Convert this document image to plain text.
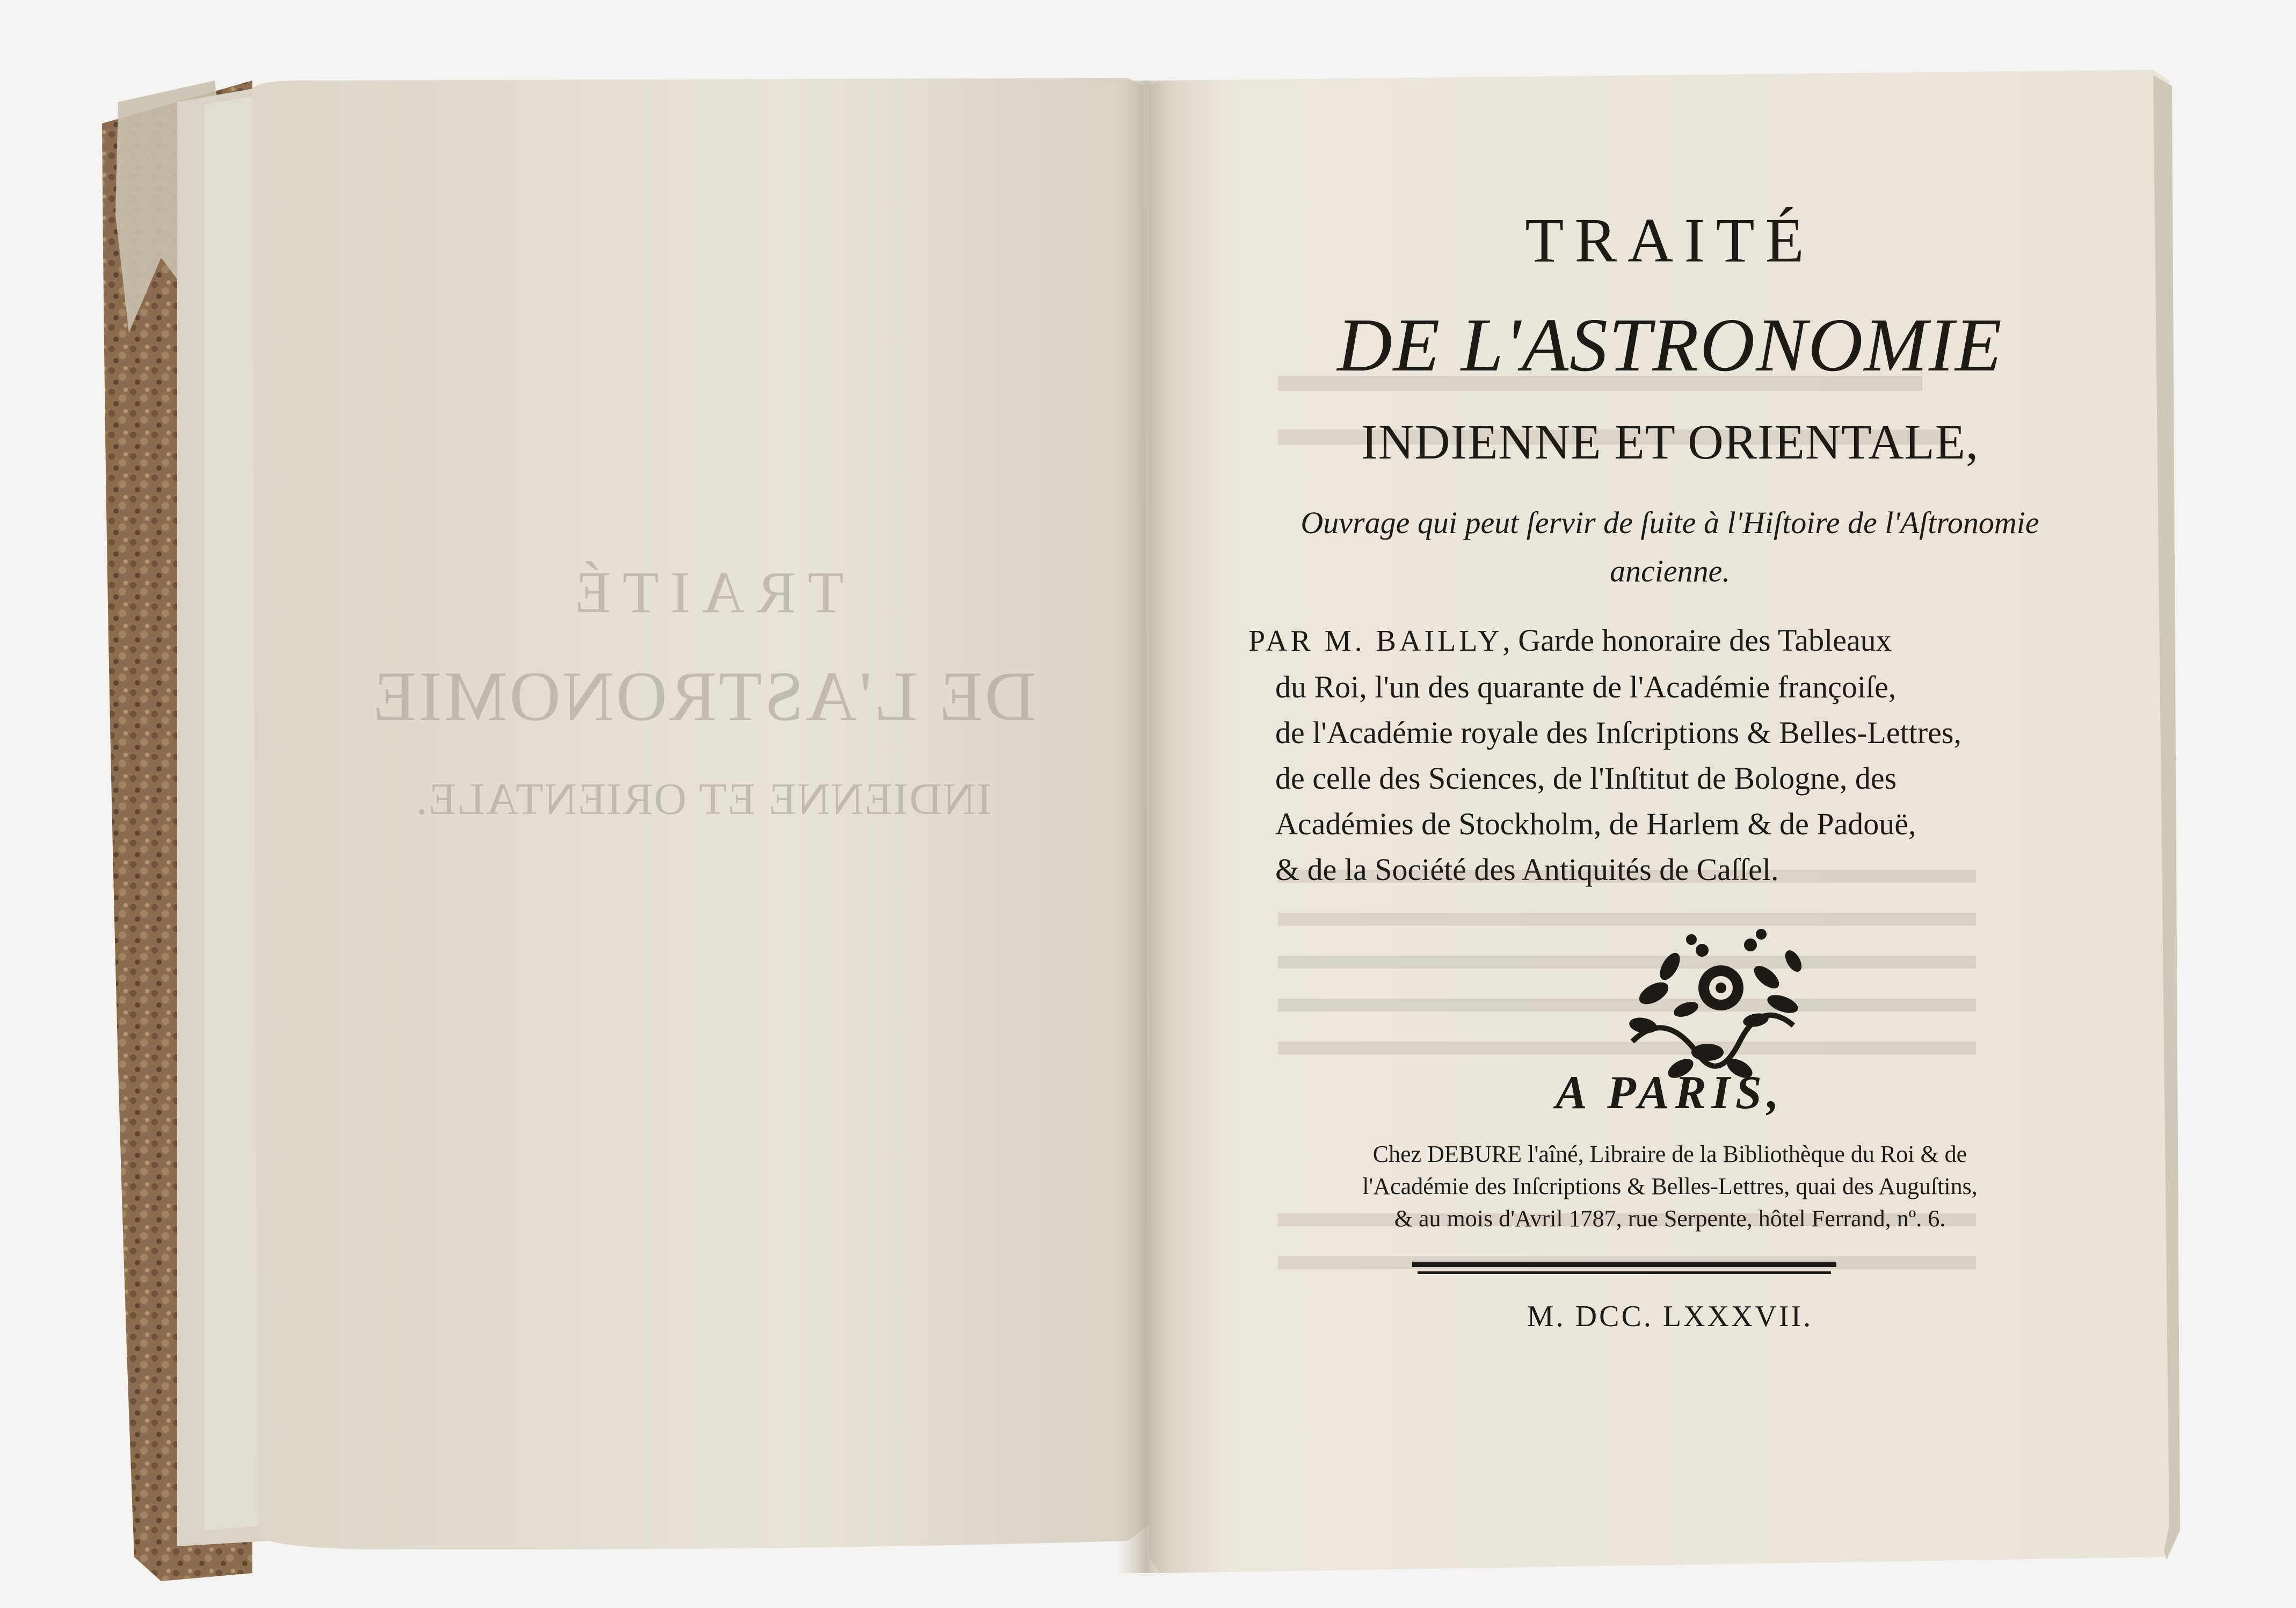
TRAITÉ
DE L'ASTRONOMIE
INDIENNE ET ORIENTALE.
TRAITÉ
DE L'ASTRONOMIE
INDIENNE ET ORIENTALE,
Ouvrage qui peut ſervir de ſuite à l'Hiſtoire de l'Aſtronomie
ancienne.
PAR M. BAILLY, Garde honoraire des Tableaux
du Roi, l'un des quarante de l'Académie françoiſe,
de l'Académie royale des Inſcriptions & Belles-Lettres,
de celle des Sciences, de l'Inſtitut de Bologne, des
Académies de Stockholm, de Harlem & de Padouë,
& de la Société des Antiquités de Caſſel.
A PARIS,
Chez DEBURE l'aîné, Libraire de la Bibliothèque du Roi & de
l'Académie des Inſcriptions & Belles-Lettres, quai des Auguſtins,
& au mois d'Avril 1787, rue Serpente, hôtel Ferrand, nº. 6.
M. DCC. LXXXVII.
